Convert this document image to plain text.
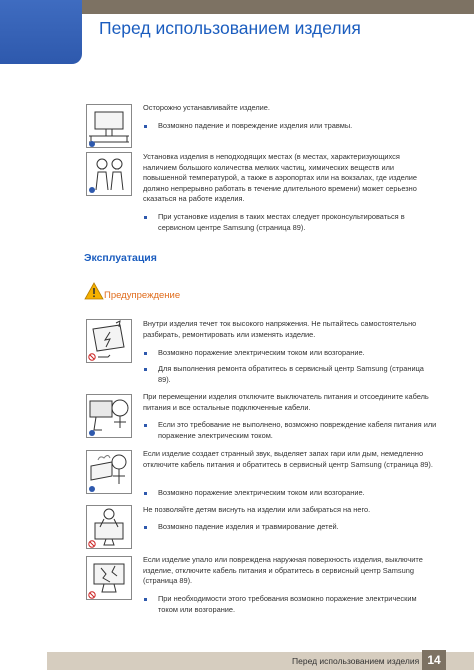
Перед использованием изделия
Осторожно устанавливайте изделие.
Возможно падение и повреждение изделия или травмы.
Установка изделия в неподходящих местах (в местах, характеризующихся наличием большого количества мелких частиц, химических веществ или повышенной температурой, а также в аэропортах или на вокзалах, где изделие должно непрерывно работать в течение длительного времени) может серьезно сказаться на работе изделия.
При установке изделия в таких местах следует проконсультироваться в сервисном центре Samsung (страница 89).
Эксплуатация
Предупреждение
Внутри изделия течет ток высокого напряжения. Не пытайтесь самостоятельно разбирать, ремонтировать или изменять изделие.
Возможно поражение электрическим током или возгорание.
Для выполнения ремонта обратитесь в сервисный центр Samsung (страница 89).
При перемещении изделия отключите выключатель питания и отсоедините кабель питания и все остальные подключенные кабели.
Если это требование не выполнено, возможно повреждение кабеля питания или поражение электрическим током.
Если изделие создает странный звук, выделяет запах гари или дым, немедленно отключите кабель питания и обратитесь в сервисный центр Samsung (страница 89).
Возможно поражение электрическим током или возгорание.
Не позволяйте детям виснуть на изделии или забираться на него.
Возможно падение изделия и травмирование детей.
Если изделие упало или повреждена наружная поверхность изделия, выключите изделие, отключите кабель питания и обратитесь в сервисный центр Samsung (страница 89).
При необходимости этого требования возможно поражение электрическим током или возгорание.
Перед использованием изделия 14
